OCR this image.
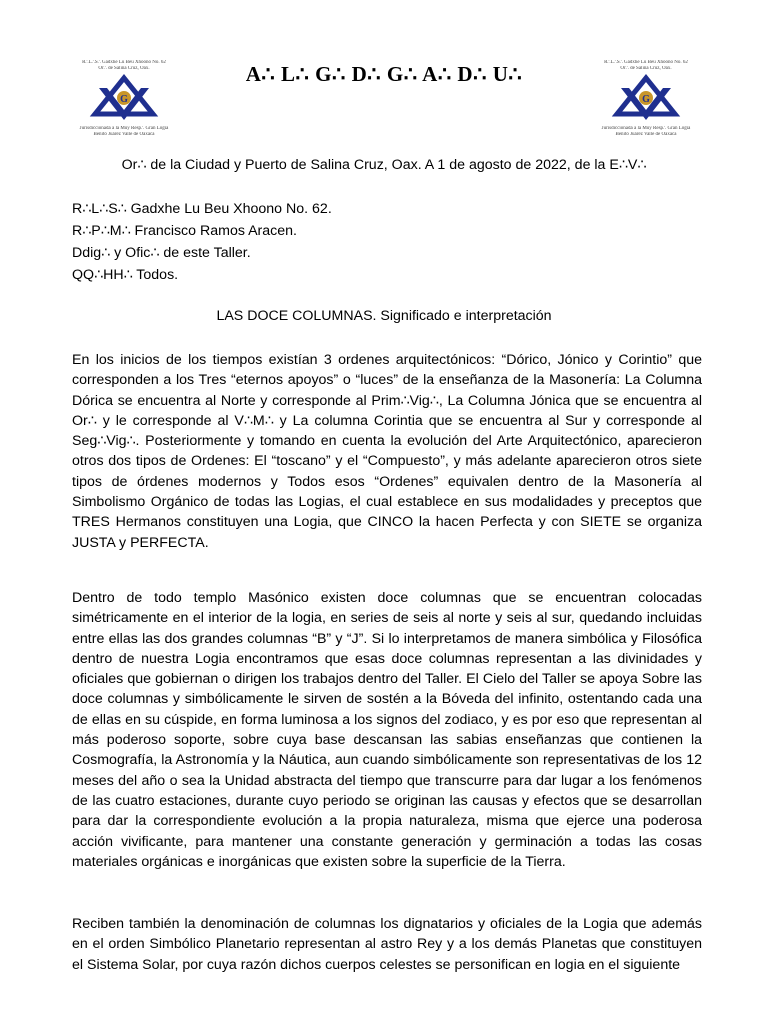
R∴L∴S∴ Gadxhe Lu Beu Xhoono No. 62
Or∴ de Salina Cruz, Oax.
G
Jurisdiccionada a la Muy Resp∴ Gran Logia
Benito Juárez Valle de Oaxaca
A∴ L∴ G∴ D∴ G∴ A∴ D∴ U∴	R∴L∴S∴ Gadxhe Lu Beu Xhoono No. 62
Or∴ de Salina Cruz, Oax.
G
Jurisdiccionada a la Muy Resp∴ Gran Logia
Benito Juárez Valle de Oaxaca
Or∴ de la Ciudad y Puerto de Salina Cruz, Oax. A 1 de agosto de 2022, de la E∴V∴
R∴L∴S∴ Gadxhe Lu Beu Xhoono No. 62.
R∴P∴M∴ Francisco Ramos Aracen.
Ddig∴ y Ofic∴ de este Taller.
QQ∴HH∴ Todos.
LAS DOCE COLUMNAS. Significado e interpretación

En los inicios de los tiempos existían 3 ordenes arquitectónicos: “Dórico, Jónico y Corintio” que corresponden a los Tres “eternos apoyos” o “luces” de la enseñanza de la Masonería: La Columna Dórica se encuentra al Norte y corresponde al Prim∴Vig∴, La Columna Jónica que se encuentra al Or∴ y le corresponde al V∴M∴ y La columna Corintia que se encuentra al Sur y corresponde al Seg∴Vig∴. Posteriormente y tomando en cuenta la evolución del Arte Arquitectónico, aparecieron otros dos tipos de Ordenes: El “toscano” y el “Compuesto”, y más adelante aparecieron otros siete tipos de órdenes modernos y Todos esos “Ordenes” equivalen dentro de la Masonería al Simbolismo Orgánico de todas las Logias, el cual establece en sus modalidades y preceptos que TRES Hermanos constituyen una Logia, que CINCO la hacen Perfecta y con SIETE se organiza JUSTA y PERFECTA.

Dentro de todo templo Masónico existen doce columnas que se encuentran colocadas simétricamente en el interior de la logia, en series de seis al norte y seis al sur, quedando incluidas entre ellas las dos grandes columnas “B” y “J”. Si lo interpretamos de manera simbólica y Filosófica dentro de nuestra Logia encontramos que esas doce columnas representan a las divinidades y oficiales que gobiernan o dirigen los trabajos dentro del Taller. El Cielo del Taller se apoya Sobre las doce columnas y simbólicamente le sirven de sostén a la Bóveda del infinito, ostentando cada una de ellas en su cúspide, en forma luminosa a los signos del zodiaco, y es por eso que representan al más poderoso soporte, sobre cuya base descansan las sabias enseñanzas que contienen la Cosmografía, la Astronomía y la Náutica, aun cuando simbólicamente son representativas de los 12 meses del año o sea la Unidad abstracta del tiempo que transcurre para dar lugar a los fenómenos de las cuatro estaciones, durante cuyo periodo se originan las causas y efectos que se desarrollan para dar la correspondiente evolución a la propia naturaleza, misma que ejerce una poderosa acción vivificante, para mantener una constante generación y germinación a todas las cosas materiales orgánicas e inorgánicas que existen sobre la superficie de la Tierra.

Reciben también la denominación de columnas los dignatarios y oficiales de la Logia que además en el orden Simbólico Planetario representan al astro Rey y a los demás Planetas que constituyen el Sistema Solar, por cuya razón dichos cuerpos celestes se personifican en logia en el siguiente
